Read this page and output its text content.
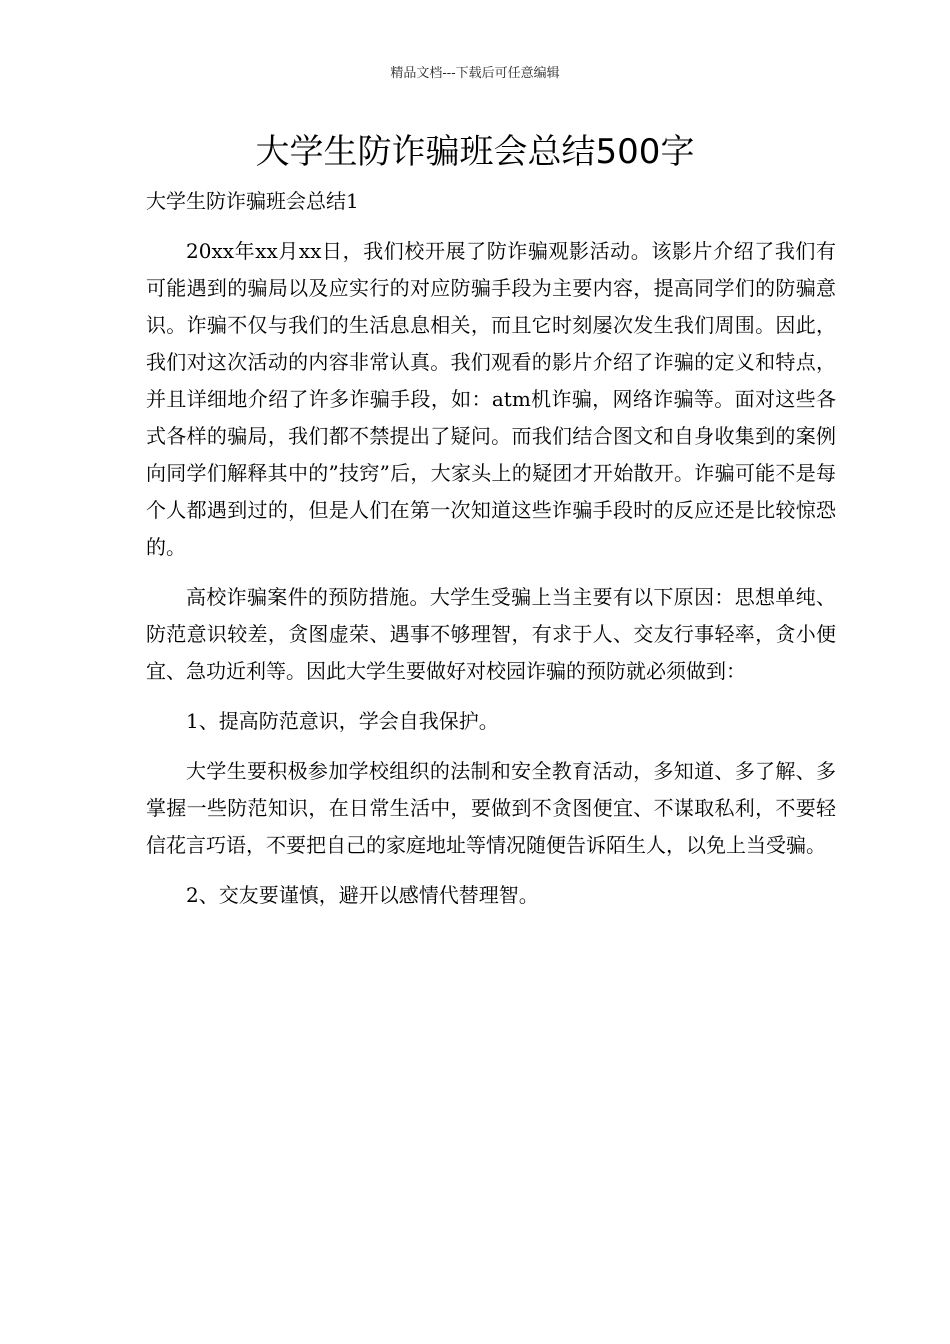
精品文档---下载后可任意编辑
大学生防诈骗班会总结500字
大学生防诈骗班会总结1

20xx年xx月xx日，我们校开展了防诈骗观影活动。该影片介绍了我们有可能遇到的骗局以及应实行的对应防骗手段为主要内容，提高同学们的防骗意识。诈骗不仅与我们的生活息息相关，而且它时刻屡次发生我们周围。因此，我们对这次活动的内容非常认真。我们观看的影片介绍了诈骗的定义和特点，并且详细地介绍了许多诈骗手段，如：atm机诈骗，网络诈骗等。面对这些各式各样的骗局，我们都不禁提出了疑问。而我们结合图文和自身收集到的案例向同学们解释其中的”技窍”后，大家头上的疑团才开始散开。诈骗可能不是每个人都遇到过的，但是人们在第一次知道这些诈骗手段时的反应还是比较惊恐的。

高校诈骗案件的预防措施。大学生受骗上当主要有以下原因：思想单纯、防范意识较差，贪图虚荣、遇事不够理智，有求于人、交友行事轻率，贪小便宜、急功近利等。因此大学生要做好对校园诈骗的预防就必须做到：

1、提高防范意识，学会自我保护。

大学生要积极参加学校组织的法制和安全教育活动，多知道、多了解、多掌握一些防范知识，在日常生活中，要做到不贪图便宜、不谋取私利，不要轻信花言巧语，不要把自己的家庭地址等情况随便告诉陌生人，以免上当受骗。

2、交友要谨慎，避开以感情代替理智。
